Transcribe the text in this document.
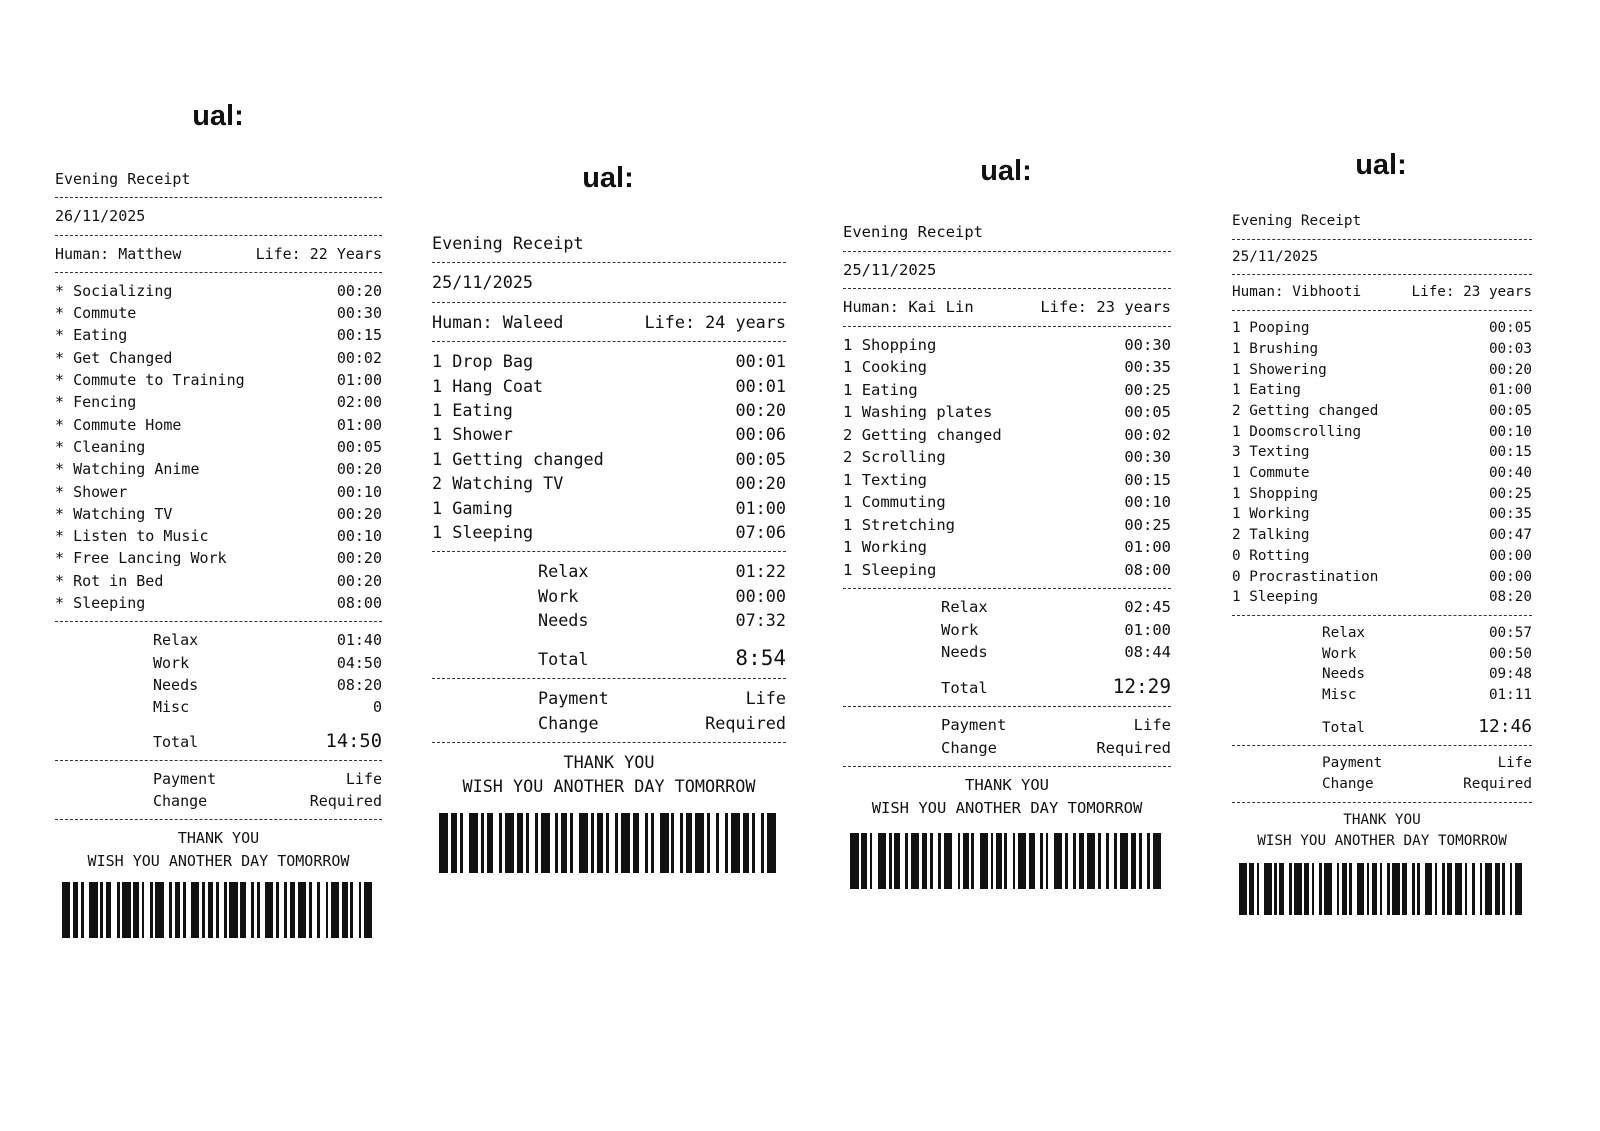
ual:
Evening Receipt
26/11/2025
Human: Matthew	Life: 22 Years
* Socializing	00:20
* Commute	00:30
* Eating	00:15
* Get Changed	00:02
* Commute to Training	01:00
* Fencing	02:00
* Commute Home	01:00
* Cleaning	00:05
* Watching Anime	00:20
* Shower	00:10
* Watching TV	00:20
* Listen to Music	00:10
* Free Lancing Work	00:20
* Rot in Bed	00:20
* Sleeping	08:00
Relax	01:40
Work	04:50
Needs	08:20
Misc	0
Total	14:50
Payment	Life
Change	Required
THANK YOU
WISH YOU ANOTHER DAY TOMORROW
ual:
Evening Receipt
25/11/2025
Human: Waleed	Life: 24 years
1 Drop Bag	00:01
1 Hang Coat	00:01
1 Eating	00:20
1 Shower	00:06
1 Getting changed	00:05
2 Watching TV	00:20
1 Gaming	01:00
1 Sleeping	07:06
Relax	01:22
Work	00:00
Needs	07:32
Total	8:54
Payment	Life
Change	Required
THANK YOU
WISH YOU ANOTHER DAY TOMORROW
ual:
Evening Receipt
25/11/2025
Human: Kai Lin	Life: 23 years
1 Shopping	00:30
1 Cooking	00:35
1 Eating	00:25
1 Washing plates	00:05
2 Getting changed	00:02
2 Scrolling	00:30
1 Texting	00:15
1 Commuting	00:10
1 Stretching	00:25
1 Working	01:00
1 Sleeping	08:00
Relax	02:45
Work	01:00
Needs	08:44
Total	12:29
Payment	Life
Change	Required
THANK YOU
WISH YOU ANOTHER DAY TOMORROW
ual:
Evening Receipt
25/11/2025
Human: Vibhooti	Life: 23 years
1 Pooping	00:05
1 Brushing	00:03
1 Showering	00:20
1 Eating	01:00
2 Getting changed	00:05
1 Doomscrolling	00:10
3 Texting	00:15
1 Commute	00:40
1 Shopping	00:25
1 Working	00:35
2 Talking	00:47
0 Rotting	00:00
0 Procrastination	00:00
1 Sleeping	08:20
Relax	00:57
Work	00:50
Needs	09:48
Misc	01:11
Total	12:46
Payment	Life
Change	Required
THANK YOU
WISH YOU ANOTHER DAY TOMORROW
